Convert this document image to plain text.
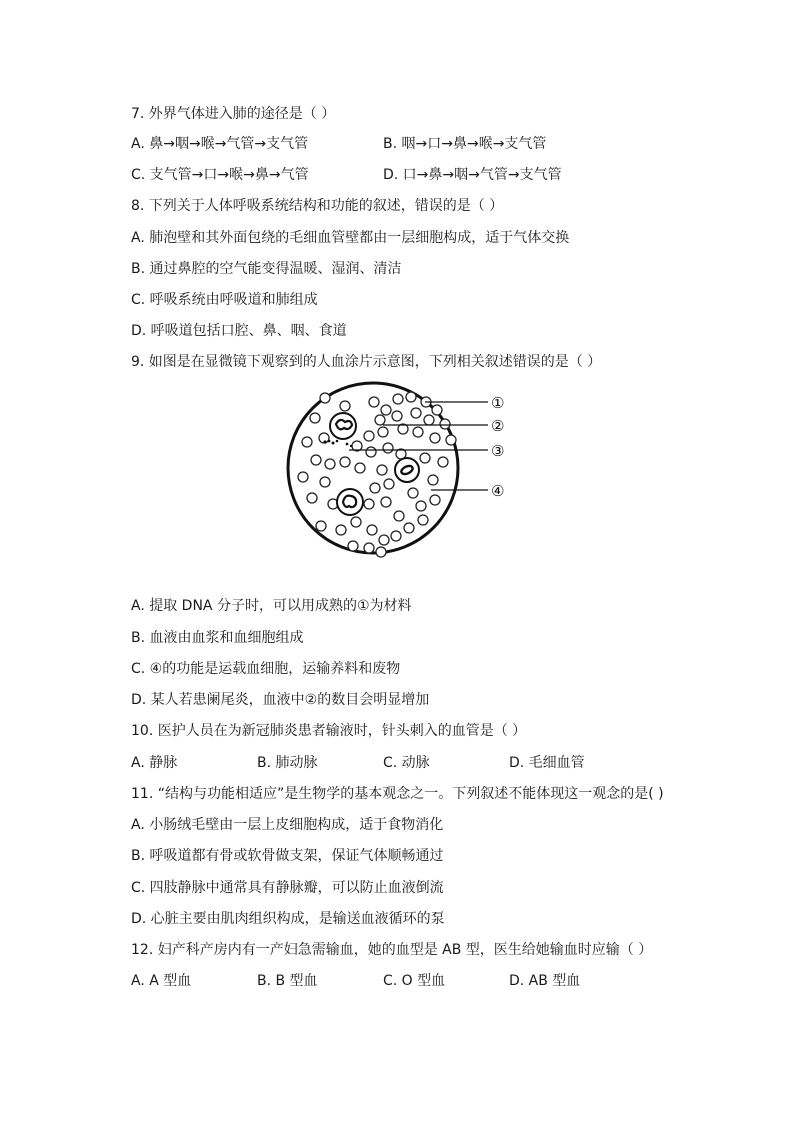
7. 外界气体进入肺的途径是（ ）
A. 鼻→咽→喉→气管→支气管	B. 咽→口→鼻→喉→支气管
C. 支气管→口→喉→鼻→气管	D. 口→鼻→咽→气管→支气管
8. 下列关于人体呼吸系统结构和功能的叙述，错误的是（ ）
A. 肺泡壁和其外面包绕的毛细血管壁都由一层细胞构成，适于气体交换
B. 通过鼻腔的空气能变得温暖、湿润、清洁
C. 呼吸系统由呼吸道和肺组成
D. 呼吸道包括口腔、鼻、咽、食道
9. 如图是在显微镜下观察到的人血涂片示意图，下列相关叙述错误的是（ ）
①
②
③
④
A. 提取 DNA 分子时，可以用成熟的①为材料
B. 血液由血浆和血细胞组成
C. ④的功能是运载血细胞，运输养料和废物
D. 某人若患阑尾炎，血液中②的数目会明显增加
10. 医护人员在为新冠肺炎患者输液时，针头刺入的血管是（ ）
A. 静脉	B. 肺动脉	C. 动脉	D. 毛细血管
11. “结构与功能相适应”是生物学的基本观念之一。下列叙述不能体现这一观念的是( )
A. 小肠绒毛壁由一层上皮细胞构成，适于食物消化
B. 呼吸道都有骨或软骨做支架，保证气体顺畅通过
C. 四肢静脉中通常具有静脉瓣，可以防止血液倒流
D. 心脏主要由肌肉组织构成，是输送血液循环的泵
12. 妇产科产房内有一产妇急需输血，她的血型是 AB 型，医生给她输血时应输（ ）
A. A 型血	B. B 型血	C. O 型血	D. AB 型血
